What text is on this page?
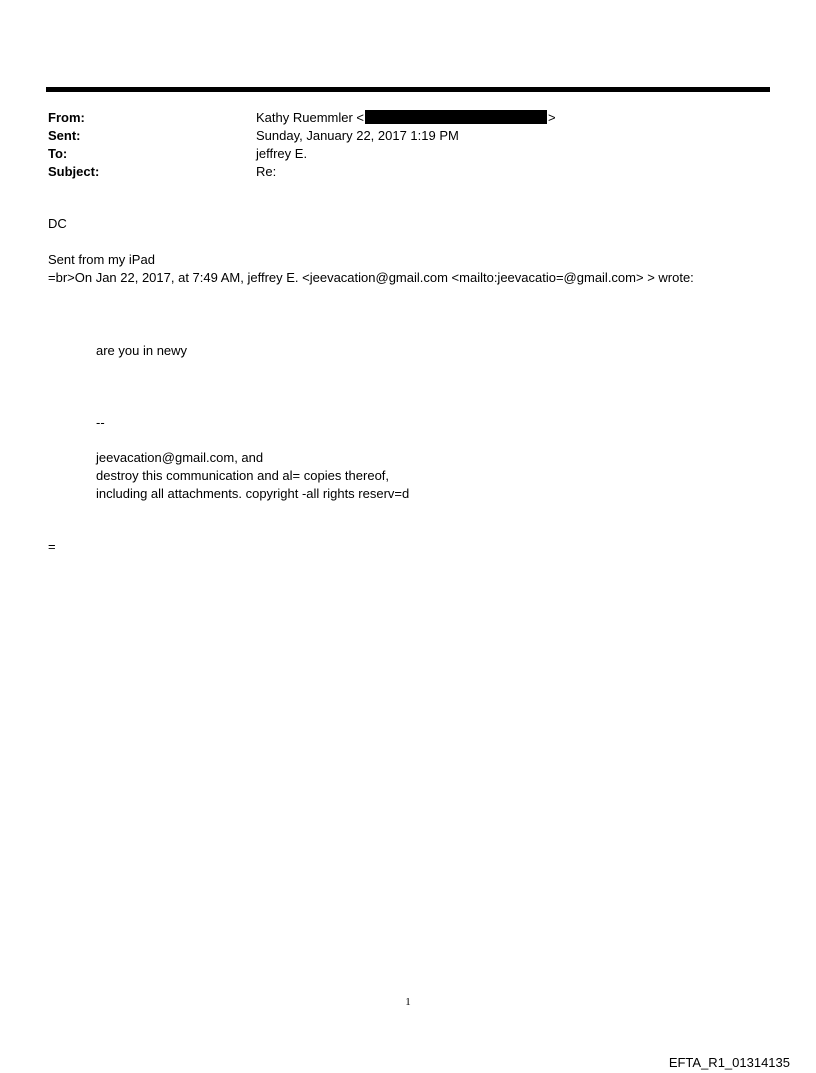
From:	Kathy Ruemmler <	>
Sent:	Sunday, January 22, 2017 1:19 PM
To:	jeffrey E.
Subject:	Re:
DC
Sent from my iPad
=br>On Jan 22, 2017, at 7:49 AM, jeffrey E. <jeevacation@gmail.com <mailto:jeevacatio=@gmail.com> > wrote:
are you in newy
--
jeevacation@gmail.com, and
destroy this communication and al= copies thereof,
including all attachments. copyright -all rights reserv=d
=
1
EFTA_R1_01314135
